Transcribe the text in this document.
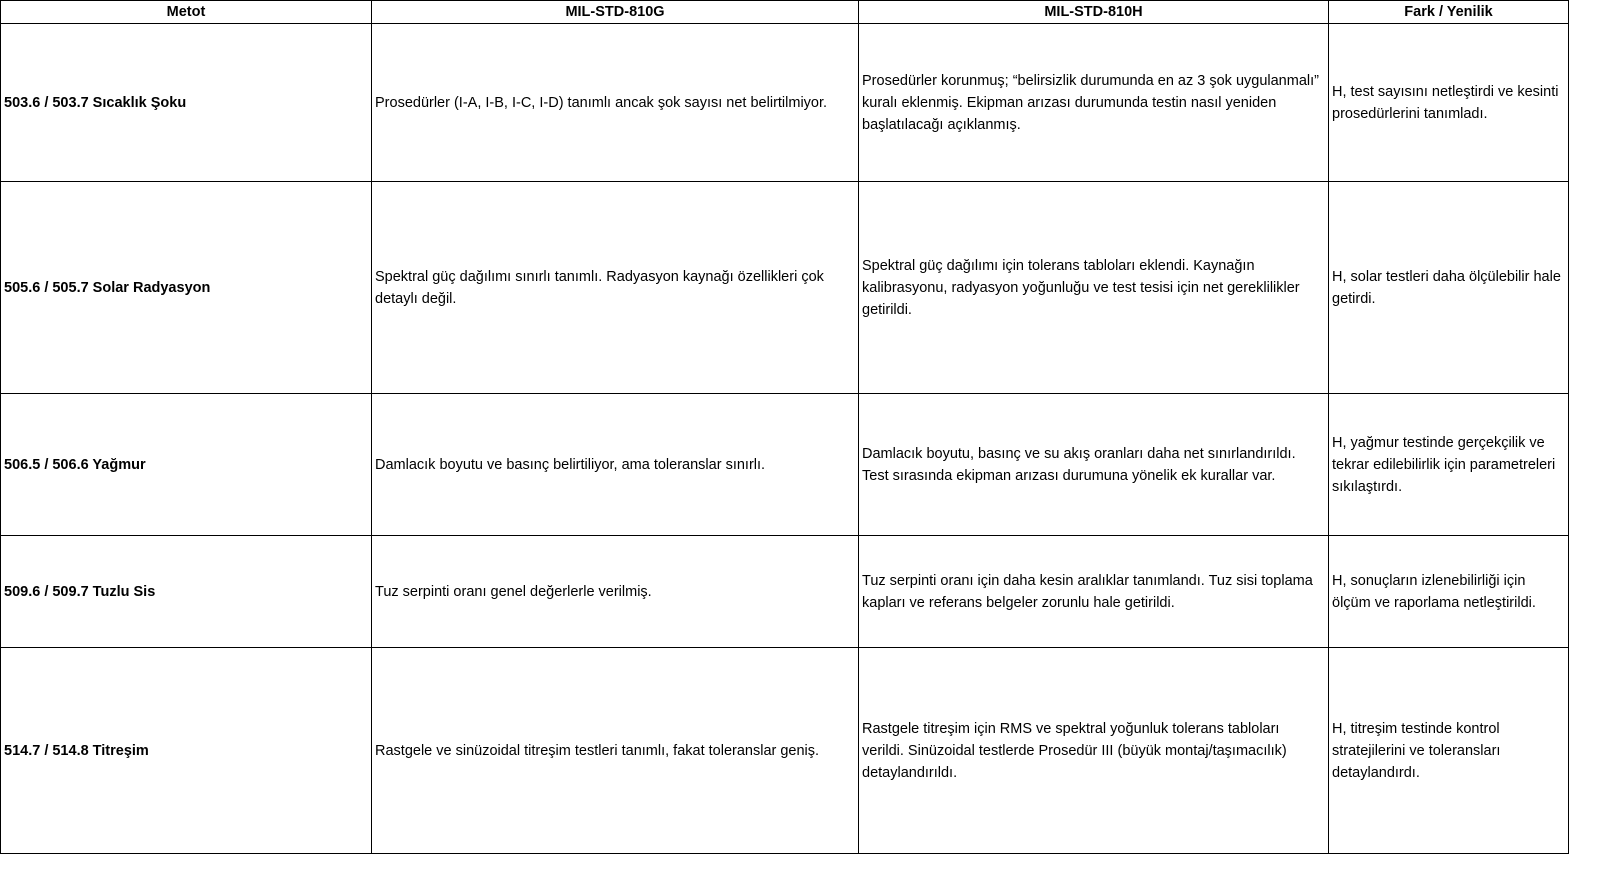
Metot	MIL-STD-810G	MIL-STD-810H	Fark / Yenilik
503.6 / 503.7 Sıcaklık Şoku	Prosedürler (I-A, I-B, I-C, I-D) tanımlı ancak şok sayısı net belirtilmiyor.	Prosedürler korunmuş; “belirsizlik durumunda en az 3 şok uygulanmalı” kuralı eklenmiş. Ekipman arızası durumunda testin nasıl yeniden başlatılacağı açıklanmış.	H, test sayısını netleştirdi ve kesinti prosedürlerini tanımladı.
505.6 / 505.7 Solar Radyasyon	Spektral güç dağılımı sınırlı tanımlı. Radyasyon kaynağı özellikleri çok detaylı değil.	Spektral güç dağılımı için tolerans tabloları eklendi. Kaynağın kalibrasyonu, radyasyon yoğunluğu ve test tesisi için net gereklilikler getirildi.	H, solar testleri daha ölçülebilir hale getirdi.
506.5 / 506.6 Yağmur	Damlacık boyutu ve basınç belirtiliyor, ama toleranslar sınırlı.	Damlacık boyutu, basınç ve su akış oranları daha net sınırlandırıldı. Test sırasında ekipman arızası durumuna yönelik ek kurallar var.	H, yağmur testinde gerçekçilik ve tekrar edilebilirlik için parametreleri sıkılaştırdı.
509.6 / 509.7 Tuzlu Sis	Tuz serpinti oranı genel değerlerle verilmiş.	Tuz serpinti oranı için daha kesin aralıklar tanımlandı. Tuz sisi toplama kapları ve referans belgeler zorunlu hale getirildi.	H, sonuçların izlenebilirliği için ölçüm ve raporlama netleştirildi.
514.7 / 514.8 Titreşim	Rastgele ve sinüzoidal titreşim testleri tanımlı, fakat toleranslar geniş.	Rastgele titreşim için RMS ve spektral yoğunluk tolerans tabloları verildi. Sinüzoidal testlerde Prosedür III (büyük montaj/taşımacılık) detaylandırıldı.	H, titreşim testinde kontrol stratejilerini ve toleransları detaylandırdı.
